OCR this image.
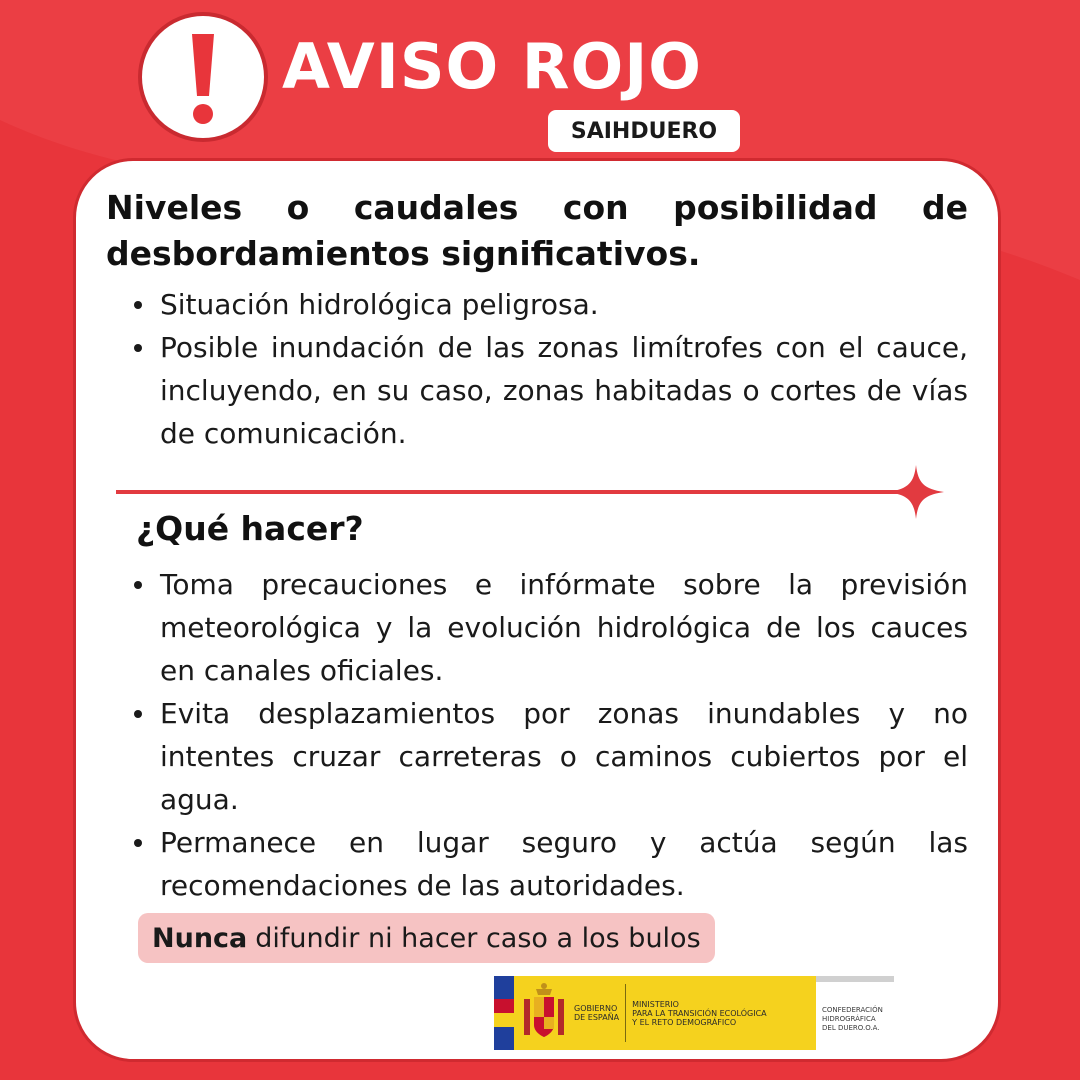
AVISO ROJO
SAIHDUERO

Niveles o caudales con posibilidad de desbordamientos significativos.

Situación hidrológica peligrosa.
Posible inundación de las zonas limítrofes con el cauce, incluyendo, en su caso, zonas habitadas o cortes de vías de comunicación.
¿Qué hacer?
Toma precauciones e infórmate sobre la previsión meteorológica y la evolución hidrológica de los cauces en canales oficiales.
Evita desplazamientos por zonas inundables y no intentes cruzar carreteras o caminos cubiertos por el agua.
Permanece en lugar seguro y actúa según las recomendaciones de las autoridades.
Nunca difundir ni hacer caso a los bulos
GOBIERNO
DE ESPAÑA
MINISTERIO
PARA LA TRANSICIÓN ECOLÓGICA
Y EL RETO DEMOGRÁFICO
CONFEDERACIÓN
HIDROGRÁFICA
DEL DUERO.O.A.
